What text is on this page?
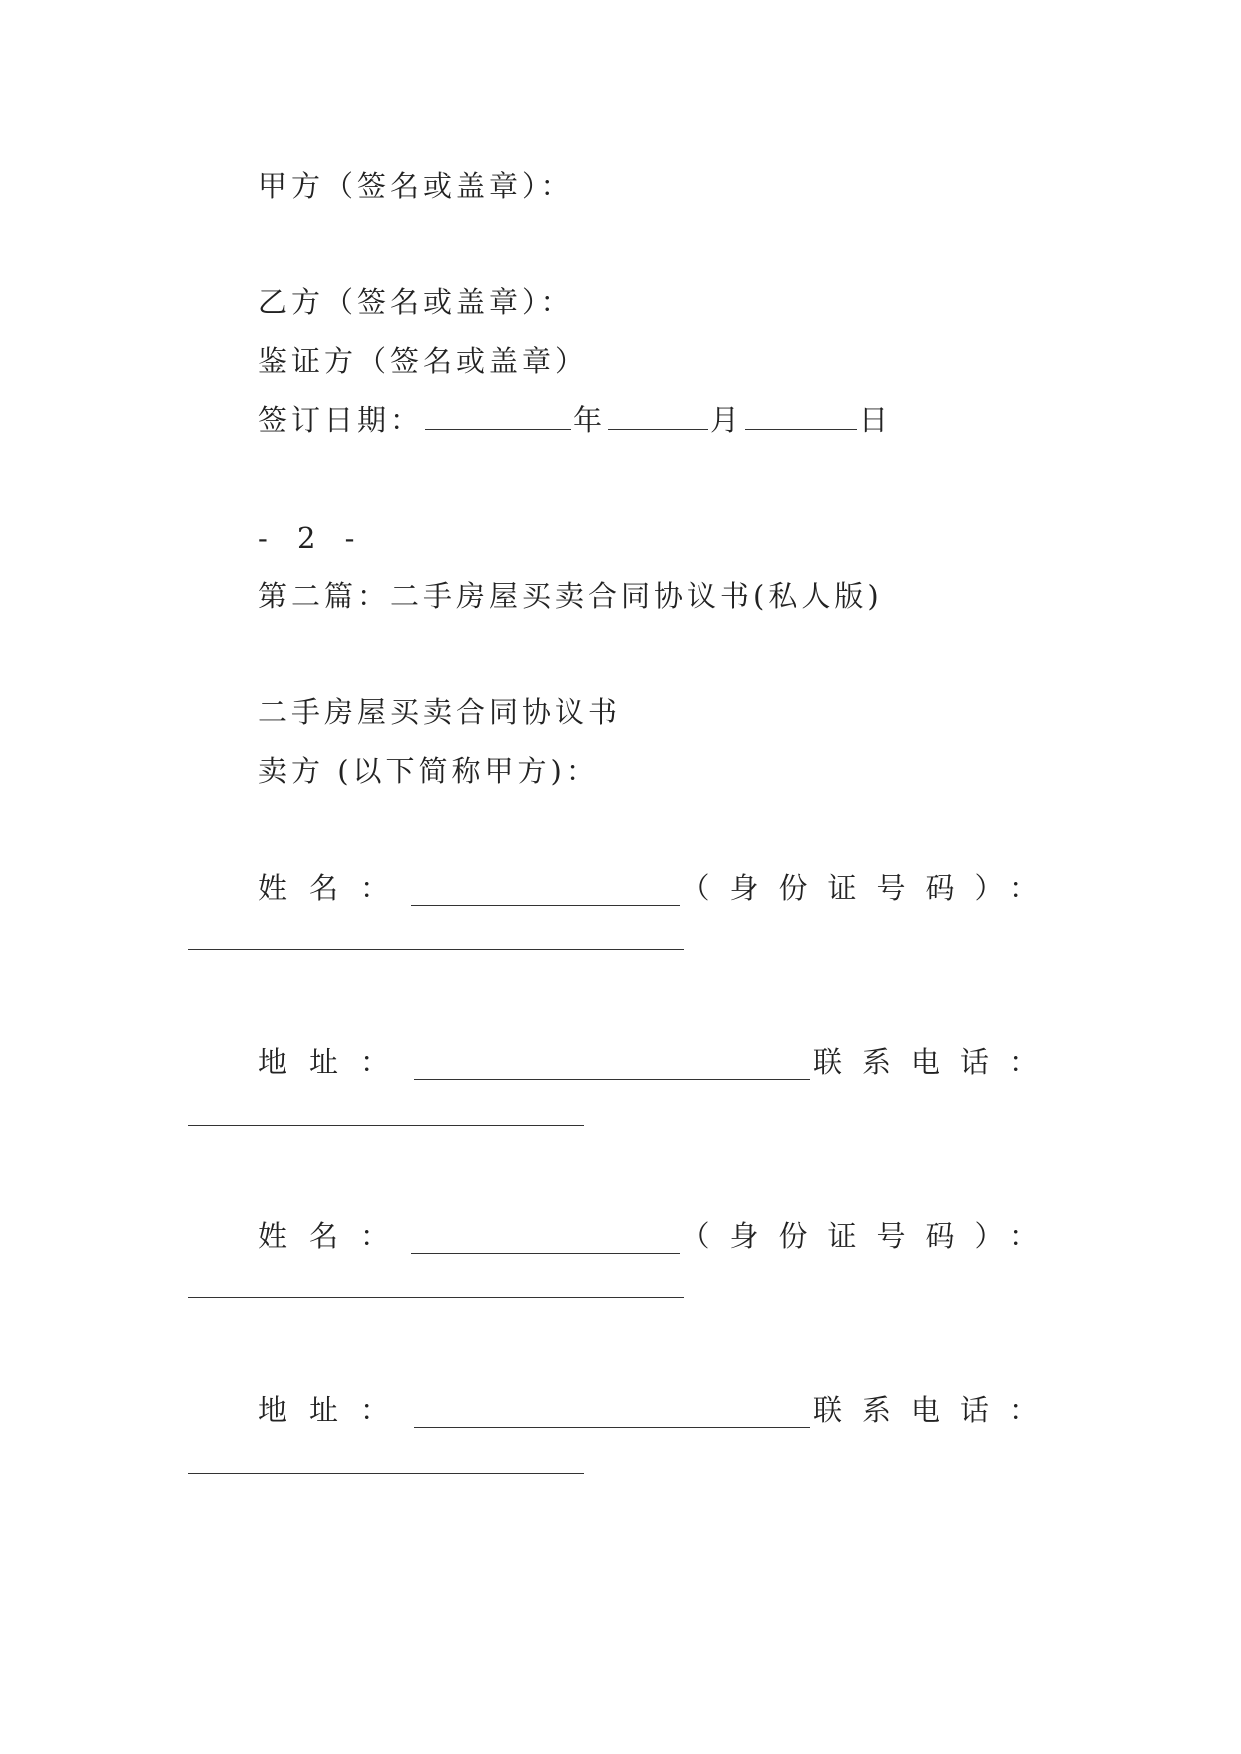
甲方（签名或盖章）：
乙方（签名或盖章）：
鉴证方（签名或盖章）
签订日期：	年	月	日
- 2 -
第二篇：二手房屋买卖合同协议书(私人版)
二手房屋买卖合同协议书
卖方 (以下简称甲方)：
姓名：	（身份证号码）：
地址：	联系电话：
姓名：	（身份证号码）：
地址：	联系电话：
